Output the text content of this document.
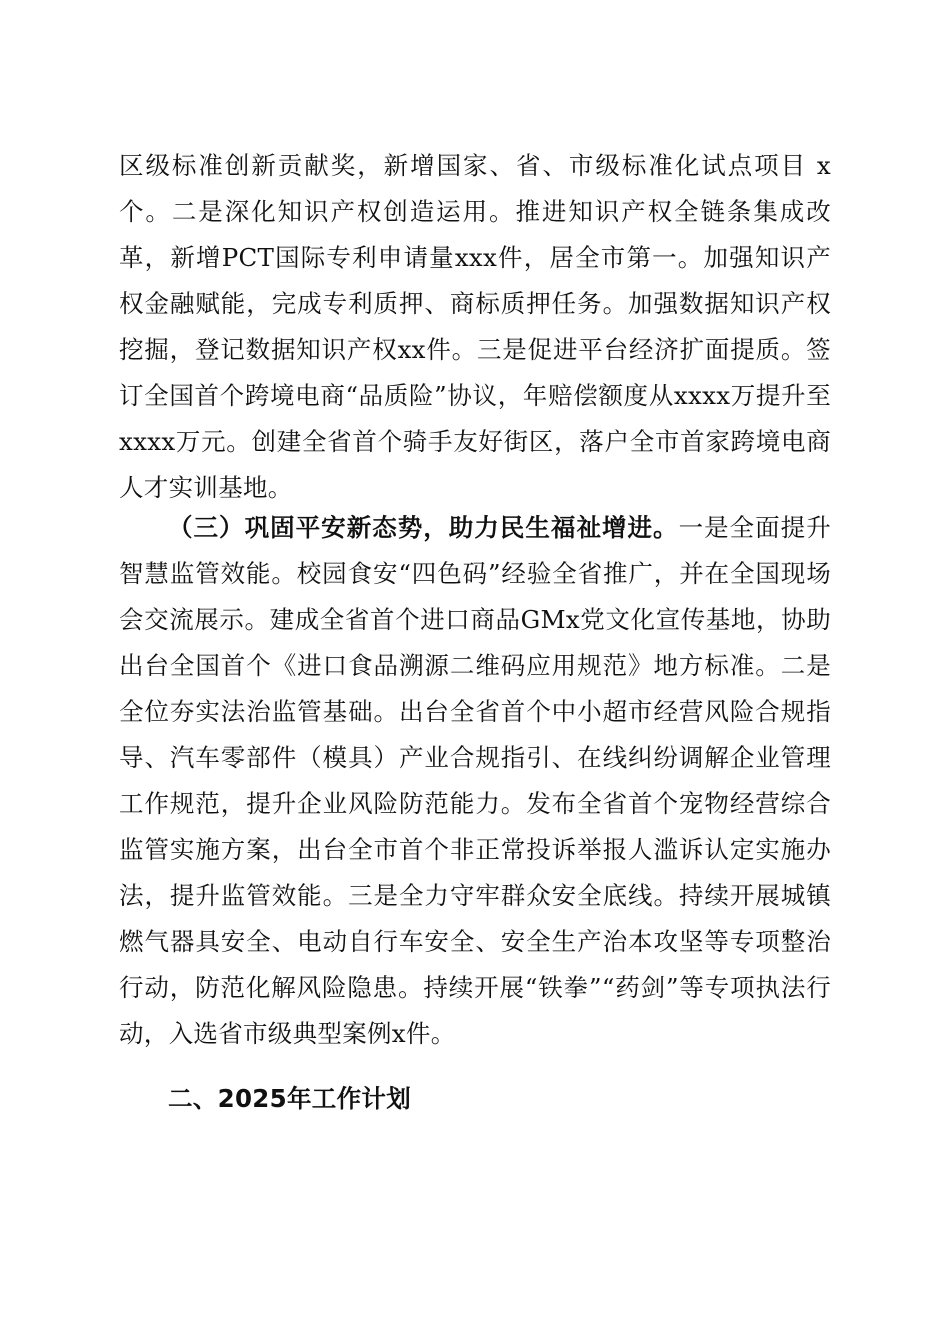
区级标准创新贡献奖，新增国家、省、市级标准化试点项目 x 个。二是深化知识产权创造运用。推进知识产权全链条集成改革，新增PCT国际专利申请量xxx件，居全市第一。加强知识产权金融赋能，完成专利质押、商标质押任务。加强数据知识产权挖掘，登记数据知识产权xx件。三是促进平台经济扩面提质。签订全国首个跨境电商“品质险”协议，年赔偿额度从xxxx万提升至xxxx万元。创建全省首个骑手友好街区，落户全市首家跨境电商人才实训基地。
（三）巩固平安新态势，助力民生福祉增进。一是全面提升智慧监管效能。校园食安“四色码”经验全省推广，并在全国现场会交流展示。建成全省首个进口商品GMx党文化宣传基地，协助出台全国首个《进口食品溯源二维码应用规范》地方标准。二是全位夯实法治监管基础。出台全省首个中小超市经营风险合规指导、汽车零部件（模具）产业合规指引、在线纠纷调解企业管理工作规范，提升企业风险防范能力。发布全省首个宠物经营综合监管实施方案，出台全市首个非正常投诉举报人滥诉认定实施办法，提升监管效能。三是全力守牢群众安全底线。持续开展城镇燃气器具安全、电动自行车安全、安全生产治本攻坚等专项整治行动，防范化解风险隐患。持续开展“铁拳”“药剑”等专项执法行动，入选省市级典型案例x件。
二、2025年工作计划
